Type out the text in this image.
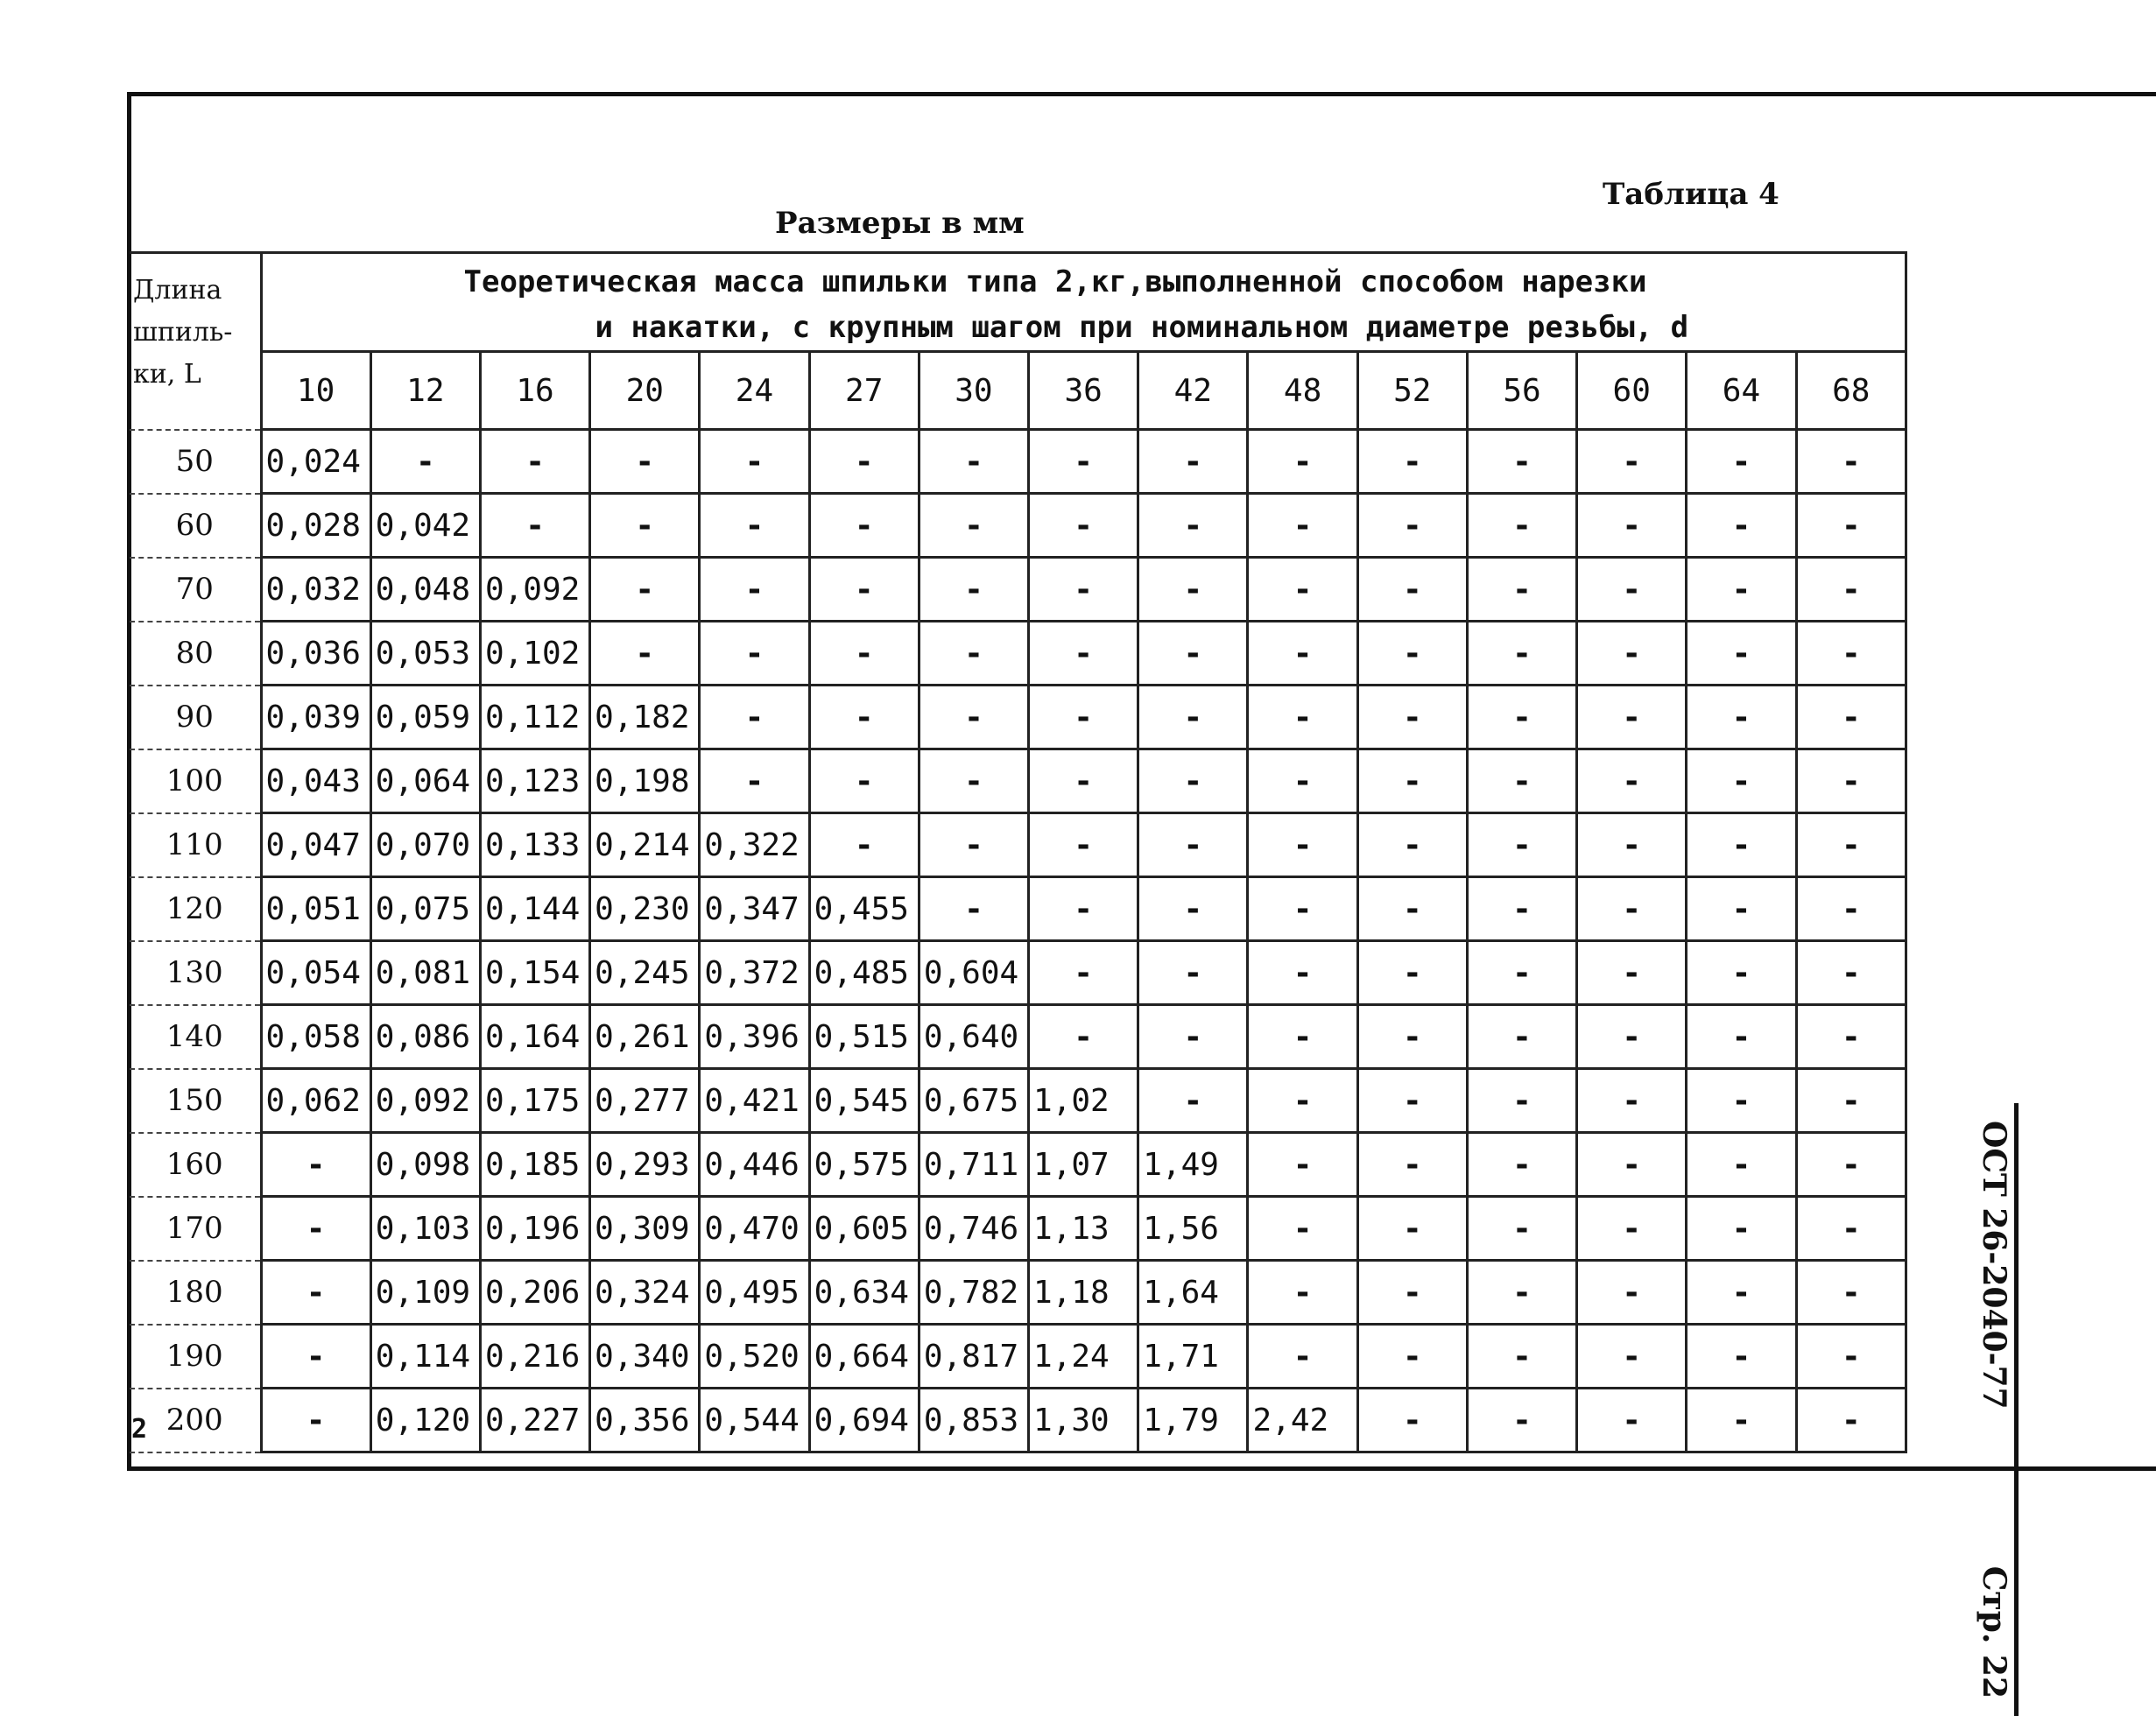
Таблица 4
Размеры в мм
Длина
шпиль-
ки, L	Теоретическая масса шпильки типа 2,кг,выполненной способом нарезки
и накатки, с крупным шагом при номинальном диаметре резьбы, d														

	10	12	16	20	24	27	30	36	42	48	52	56	60	64	68
50	0,024	-	-	-	-	-	-	-	-	-	-	-	-	-	-
60	0,028	0,042	-	-	-	-	-	-	-	-	-	-	-	-	-
70	0,032	0,048	0,092	-	-	-	-	-	-	-	-	-	-	-	-
80	0,036	0,053	0,102	-	-	-	-	-	-	-	-	-	-	-	-
90	0,039	0,059	0,112	0,182	-	-	-	-	-	-	-	-	-	-	-
100	0,043	0,064	0,123	0,198	-	-	-	-	-	-	-	-	-	-	-
110	0,047	0,070	0,133	0,214	0,322	-	-	-	-	-	-	-	-	-	-
120	0,051	0,075	0,144	0,230	0,347	0,455	-	-	-	-	-	-	-	-	-
130	0,054	0,081	0,154	0,245	0,372	0,485	0,604	-	-	-	-	-	-	-	-
140	0,058	0,086	0,164	0,261	0,396	0,515	0,640	-	-	-	-	-	-	-	-
150	0,062	0,092	0,175	0,277	0,421	0,545	0,675	1,02	-	-	-	-	-	-	-
160	-	0,098	0,185	0,293	0,446	0,575	0,711	1,07	1,49	-	-	-	-	-	-
170	-	0,103	0,196	0,309	0,470	0,605	0,746	1,13	1,56	-	-	-	-	-	-
180	-	0,109	0,206	0,324	0,495	0,634	0,782	1,18	1,64	-	-	-	-	-	-
190	-	0,114	0,216	0,340	0,520	0,664	0,817	1,24	1,71	-	-	-	-	-	-
200	-	0,120	0,227	0,356	0,544	0,694	0,853	1,30	1,79	2,42	-	-	-	-	-
ОСТ 26-2040-77
Стр. 22
2
